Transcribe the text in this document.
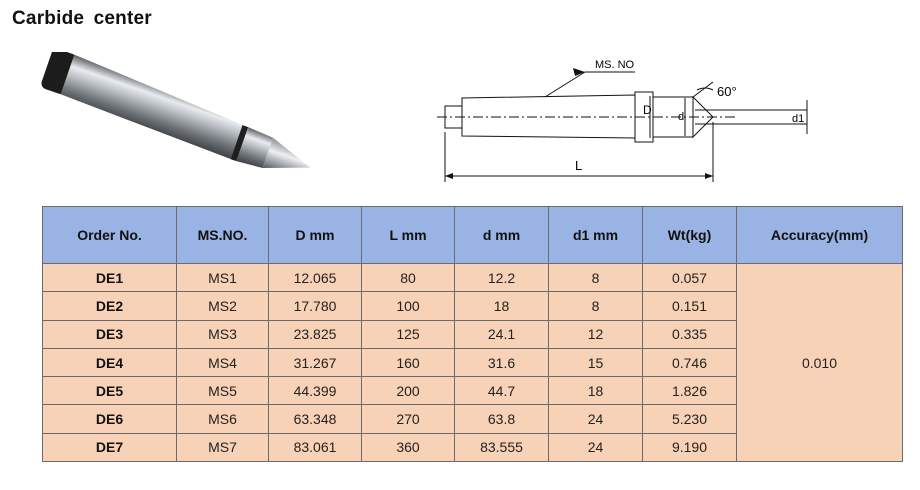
Carbide center
MS. NO
60°
D d	d1
L
Order No.	MS.NO.	D mm	L mm	d mm	d1 mm	Wt(kg)	Accuracy(mm)
DE1	MS1	12.065	80	12.2	8	0.057	0.010
DE2	MS2	17.780	100	18	8	0.151	
DE3	MS3	23.825	125	24.1	12	0.335	
DE4	MS4	31.267	160	31.6	15	0.746	
DE5	MS5	44.399	200	44.7	18	1.826	
DE6	MS6	63.348	270	63.8	24	5.230	
DE7	MS7	83.061	360	83.555	24	9.190	
